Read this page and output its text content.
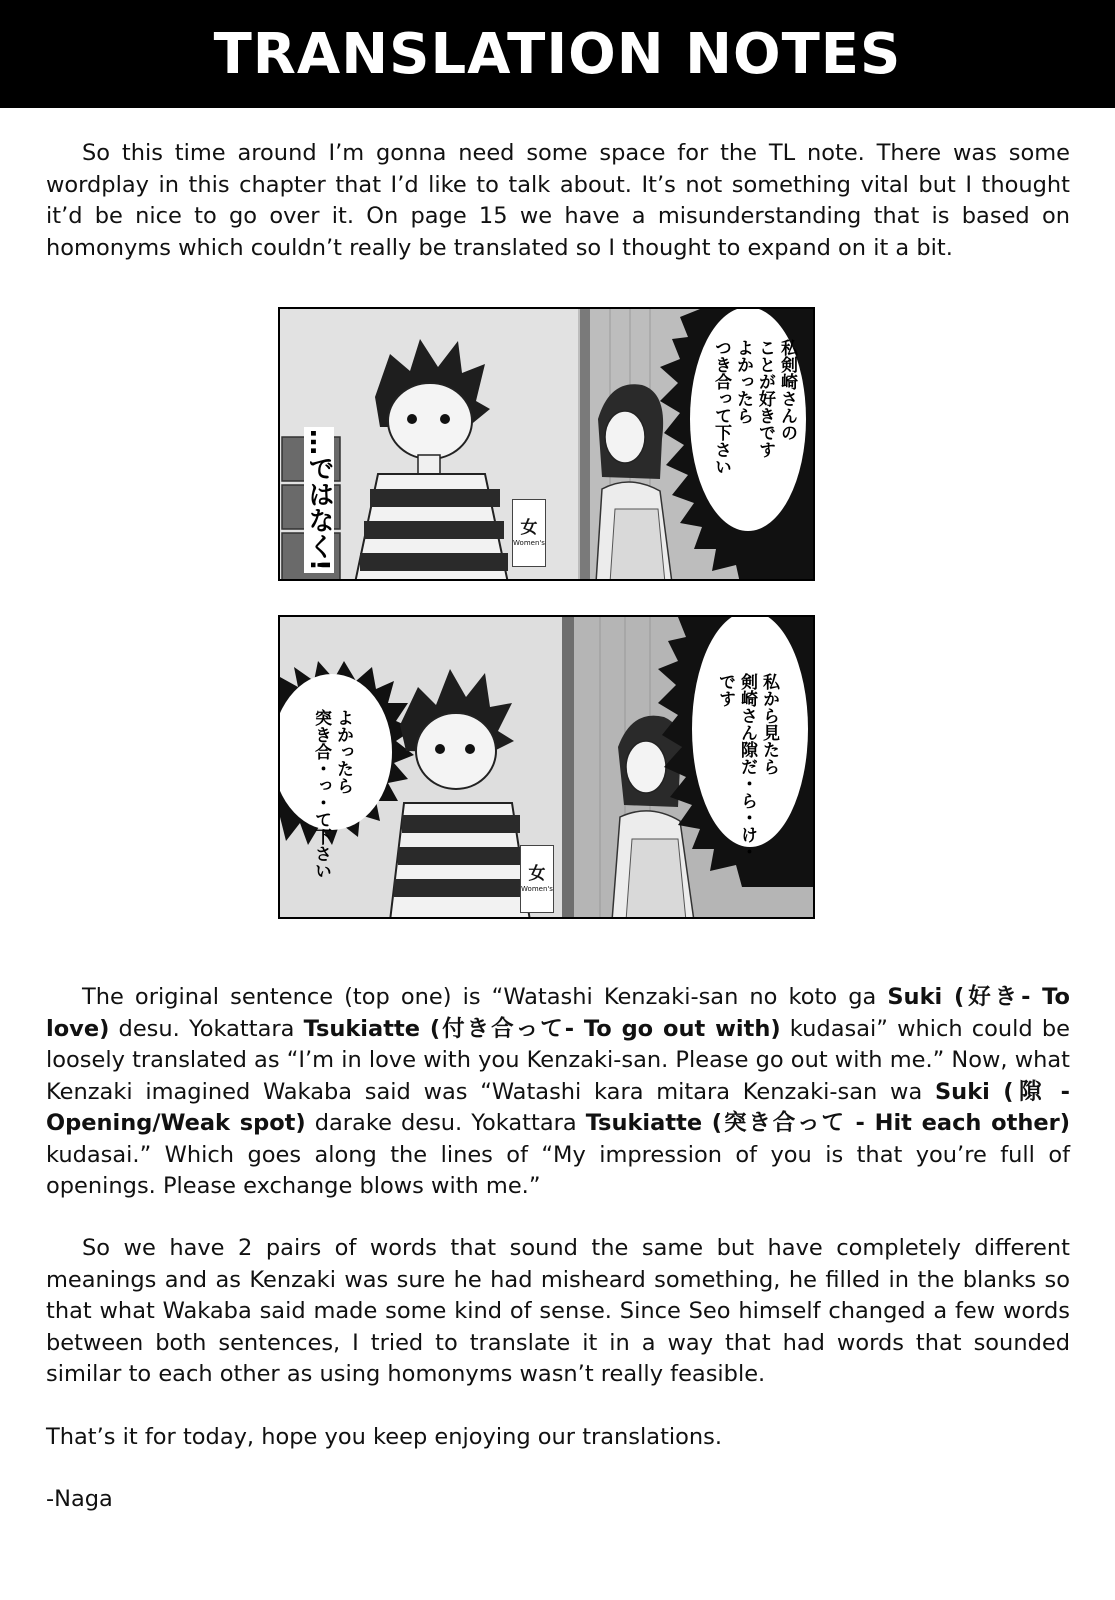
TRANSLATION NOTES

So this time around I’m gonna need some space for the TL note. There was some wordplay in this chapter that I’d like to talk about. It’s not something vital but I thought it’d be nice to go over it. On page 15 we have a misunderstanding that is based on homonyms which couldn’t really be translated so I thought to expand on it a bit.

女
Women's
…ではなく!
私剣崎さんの
ことが好きです
よかったら
つき合って下さい
女
Women's
よかったら
突き合・っ・て下さい	私から見たら
剣崎さん隙だ・ら・け・
です

The original sentence (top one) is “Watashi Kenzaki-san no koto ga Suki (好き- To love) desu. Yokattara Tsukiatte (付き合って- To go out with) kudasai” which could be loosely translated as “I’m in love with you Kenzaki-san. Please go out with me.” Now, what Kenzaki imagined Wakaba said was “Watashi kara mitara Kenzaki-san wa Suki (隙 - Opening/Weak spot) darake desu. Yokattara Tsukiatte (突き合って - Hit each other) kudasai.” Which goes along the lines of “My impression of you is that you’re full of openings. Please exchange blows with me.”

So we have 2 pairs of words that sound the same but have completely different meanings and as Kenzaki was sure he had misheard something, he filled in the blanks so that what Wakaba said made some kind of sense. Since Seo himself changed a few words between both sentences, I tried to translate it in a way that had words that sounded similar to each other as using homonyms wasn’t really feasible.

That’s it for today, hope you keep enjoying our translations.

-Naga
